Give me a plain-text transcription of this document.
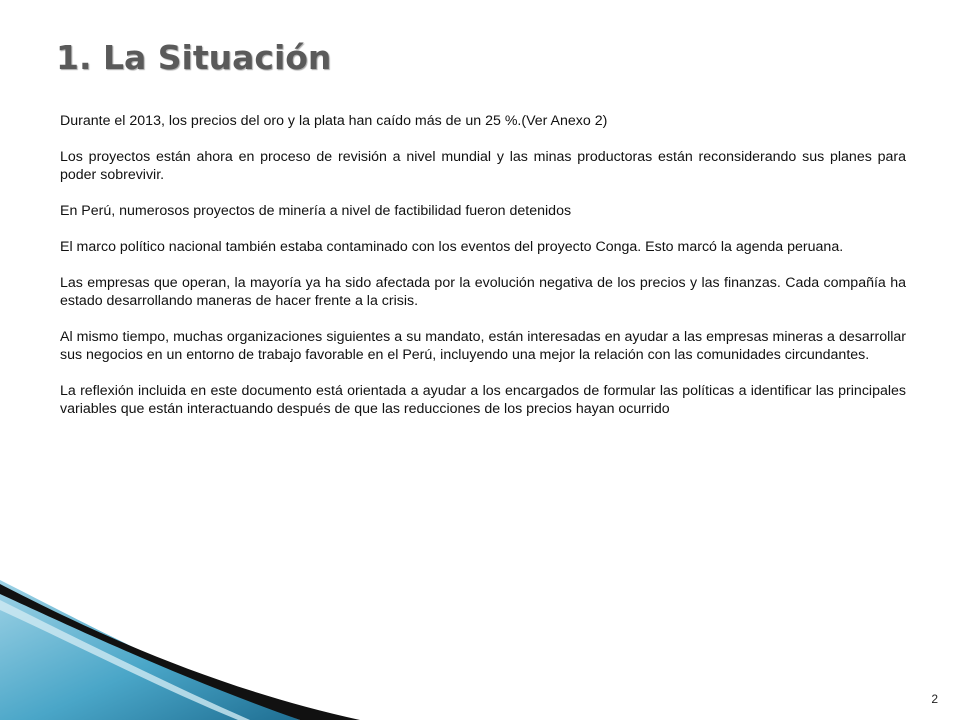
1. La Situación

Durante el 2013, los precios del oro y la plata han caído más de un 25 %.(Ver Anexo 2)

Los proyectos están ahora en proceso de revisión a nivel mundial y las minas productoras están reconsiderando sus planes para poder sobrevivir.

En Perú, numerosos proyectos de minería a nivel de factibilidad fueron detenidos

El marco político nacional también estaba contaminado con los eventos del proyecto Conga. Esto marcó la agenda peruana.

Las empresas que operan, la mayoría ya ha sido afectada por la evolución negativa de los precios y las finanzas. Cada compañía ha estado desarrollando maneras de hacer frente a la crisis.

Al mismo tiempo, muchas organizaciones siguientes a su mandato, están interesadas en ayudar a las empresas mineras a desarrollar sus negocios en un entorno de trabajo favorable en el Perú, incluyendo una mejor la relación con las comunidades circundantes.

La reflexión incluida en este documento está orientada a ayudar a los encargados de formular las políticas a identificar las principales variables que están interactuando después de que las reducciones de los precios hayan ocurrido

2
